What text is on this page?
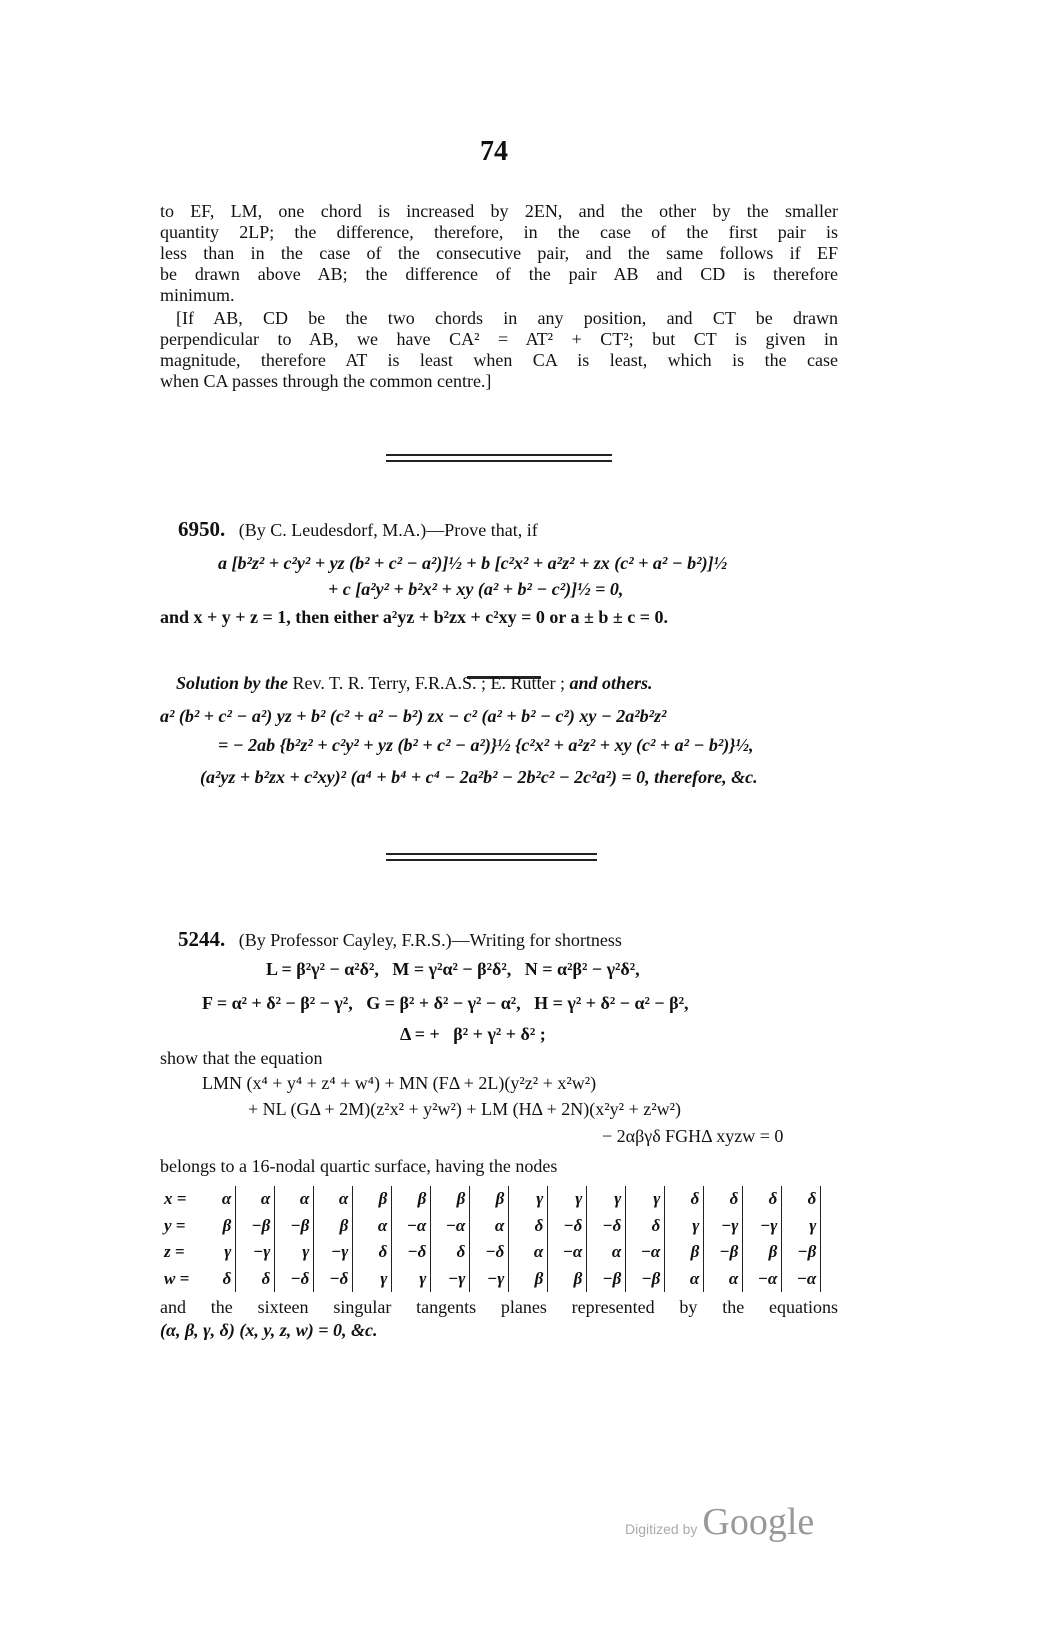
74
to EF, LM, one chord is increased by 2EN, and the other by the smaller
quantity 2LP; the difference, therefore, in the case of the first pair is
less than in the case of the consecutive pair, and the same follows if EF
be drawn above AB; the difference of the pair AB and CD is therefore
minimum.
[If AB, CD be the two chords in any position, and CT be drawn
perpendicular to AB, we have CA² = AT² + CT²; but CT is given in
magnitude, therefore AT is least when CA is least, which is the case
when CA passes through the common centre.]
6950. (By C. Leudesdorf, M.A.)—Prove that, if
a [b²z² + c²y² + yz (b² + c² − a²)]½ + b [c²x² + a²z² + zx (c² + a² − b²)]½
+ c [a²y² + b²x² + xy (a² + b² − c²)]½ = 0,
and x + y + z = 1, then either a²yz + b²zx + c²xy = 0 or a ± b ± c = 0.
Solution by the Rev. T. R. Terry, F.R.A.S. ; E. Rutter ; and others.
a² (b² + c² − a²) yz + b² (c² + a² − b²) zx − c² (a² + b² − c²) xy − 2a²b²z²
= − 2ab {b²z² + c²y² + yz (b² + c² − a²)}½ {c²x² + a²z² + xy (c² + a² − b²)}½,
(a²yz + b²zx + c²xy)² (a⁴ + b⁴ + c⁴ − 2a²b² − 2b²c² − 2c²a²) = 0, therefore, &c.
5244. (By Professor Cayley, F.R.S.)—Writing for shortness
L = β²γ² − α²δ²,   M = γ²α² − β²δ²,   N = α²β² − γ²δ²,
F = α² + δ² − β² − γ²,   G = β² + δ² − γ² − α²,   H = γ² + δ² − α² − β²,
Δ = +   β² + γ² + δ² ;
show that the equation
LMN (x⁴ + y⁴ + z⁴ + w⁴) + MN (FΔ + 2L)(y²z² + x²w²)
+ NL (GΔ + 2M)(z²x² + y²w²) + LM (HΔ + 2N)(x²y² + z²w²)
− 2αβγδ FGHΔ xyzw = 0
belongs to a 16-nodal quartic surface, having the nodes
x =	α	α	α	α	β	β	β	β	γ	γ	γ	γ	δ	δ	δ	δ
y =	β	−β	−β	β	α	−α	−α	α	δ	−δ	−δ	δ	γ	−γ	−γ	γ
z =	γ	−γ	γ	−γ	δ	−δ	δ	−δ	α	−α	α	−α	β	−β	β	−β
w =	δ	δ	−δ	−δ	γ	γ	−γ	−γ	β	β	−β	−β	α	α	−α	−α
and the sixteen singular tangents planes represented by the equations
(α, β, γ, δ) (x, y, z, w) = 0, &c.
Digitized by Google
